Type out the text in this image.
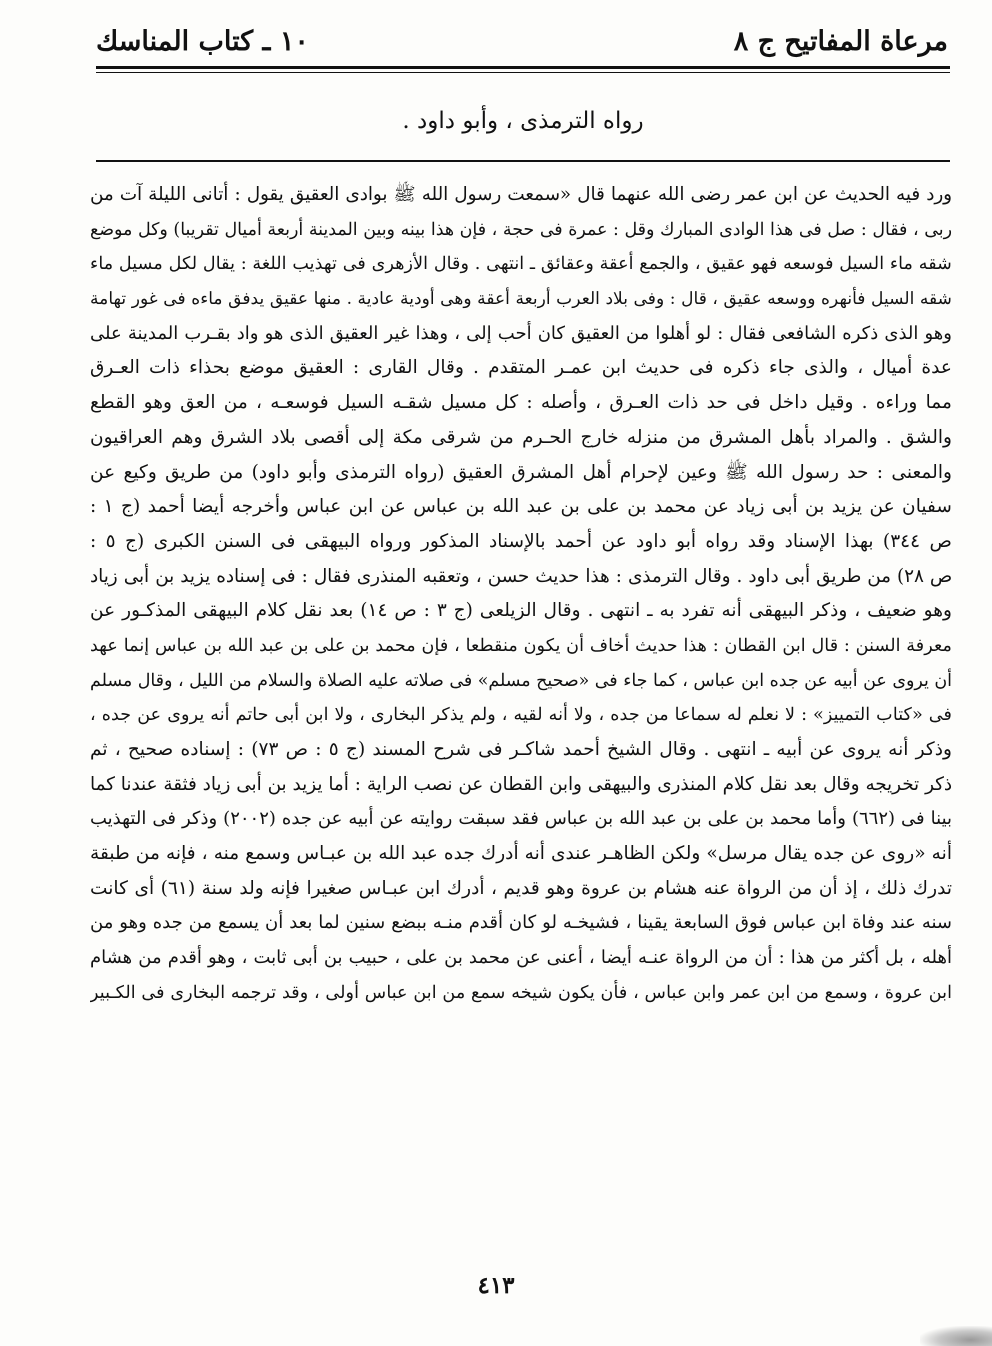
مرعاة المفاتيح ج ٨
١٠ ـ كتاب المناسك
رواه الترمذى ، وأبو داود .
ورد فيه الحديث عن ابن عمر رضى الله عنهما قال «سمعت رسول الله ﷺ بوادى العقيق يقول : أتانى الليلة آت من
ربى ، فقال : صل فى هذا الوادى المبارك وقل : عمرة فى حجة ، فإن هذا بينه وبين المدينة أربعة أميال تقريبا) وكل موضع
شقه ماء السيل فوسعه فهو عقيق ، والجمع أعقة وعقائق ـ انتهى . وقال الأزهرى فى تهذيب اللغة : يقال لكل مسيل ماء
شقه السيل فأنهره ووسعه عقيق ، قال : وفى بلاد العرب أربعة أعقة وهى أودية عادية . منها عقيق يدفق ماءه فى غور تهامة
وهو الذى ذكره الشافعى فقال : لو أهلوا من العقيق كان أحب إلى ، وهذا غير العقيق الذى هو واد بقـرب المدينة على
عدة أميال ، والذى جاء ذكره فى حديث ابن عمـر المتقدم . وقال القارى : العقيق موضع بحذاء ذات العـرق
مما وراءه . وقيل داخل فى حد ذات العـرق ، وأصله : كل مسيل شقـه السيل فوسعـه ، من العق وهو القطع
والشق . والمراد بأهل المشرق من منزله خارج الحـرم من شرقى مكة إلى أقصى بلاد الشرق وهم العراقيون
والمعنى : حد رسول الله ﷺ وعين لإحرام أهل المشرق العقيق (رواه الترمذى وأبو داود) من طريق وكيع عن
سفيان عن يزيد بن أبى زياد عن محمد بن على بن عبد الله بن عباس عن ابن عباس وأخرجه أيضا أحمد (ج ١ :
ص ٣٤٤) بهذا الإسناد وقد رواه أبو داود عن أحمد بالإسناد المذكور ورواه البيهقى فى السنن الكبرى (ج ٥ :
ص ٢٨) من طريق أبى داود . وقال الترمذى : هذا حديث حسن ، وتعقبه المنذرى فقال : فى إسناده يزيد بن أبى زياد
وهو ضعيف ، وذكر البيهقى أنه تفرد به ـ انتهى . وقال الزيلعى (ج ٣ : ص ١٤) بعد نقل كلام البيهقى المذكـور عن
معرفة السنن : قال ابن القطان : هذا حديث أخاف أن يكون منقطعا ، فإن محمد بن على بن عبد الله بن عباس إنما عهد
أن يروى عن أبيه عن جده ابن عباس ، كما جاء فى «صحيح مسلم» فى صلاته عليه الصلاة والسلام من الليل ، وقال مسلم
فى «كتاب التمييز» : لا نعلم له سماعا من جده ، ولا أنه لقيه ، ولم يذكر البخارى ، ولا ابن أبى حاتم أنه يروى عن جده ،
وذكر أنه يروى عن أبيه ـ انتهى . وقال الشيخ أحمد شاكـر فى شرح المسند (ج ٥ : ص ٧٣) : إسناده صحيح ، ثم
ذكر تخريجه وقال بعد نقل كلام المنذرى والبيهقى وابن القطان عن نصب الراية : أما يزيد بن أبى زياد فثقة عندنا كما
بينا فى (٦٦٢) وأما محمد بن على بن عبد الله بن عباس فقد سبقت روايته عن أبيه عن جده (٢٠٠٢) وذكر فى التهذيب
أنه «روى عن جده يقال مرسل» ولكن الظاهـر عندى أنه أدرك جده عبد الله بن عبـاس وسمع منه ، فإنه من طبقة
تدرك ذلك ، إذ أن من الرواة عنه هشام بن عروة وهو قديم ، أدرك ابن عبـاس صغيرا فإنه ولد سنة (٦١) أى كانت
سنه عند وفاة ابن عباس فوق السابعة يقينا ، فشيخـه لو كان أقدم منـه ببضع سنين لما بعد أن يسمع من جده وهو من
أهله ، بل أكثر من هذا : أن من الرواة عنـه أيضا ، أعنى عن محمد بن على ، حبيب بن أبى ثابت ، وهو أقدم من هشام
ابن عروة ، وسمع من ابن عمر وابن عباس ، فأن يكون شيخه سمع من ابن عباس أولى ، وقد ترجمه البخارى فى الكـبير
٤١٣
